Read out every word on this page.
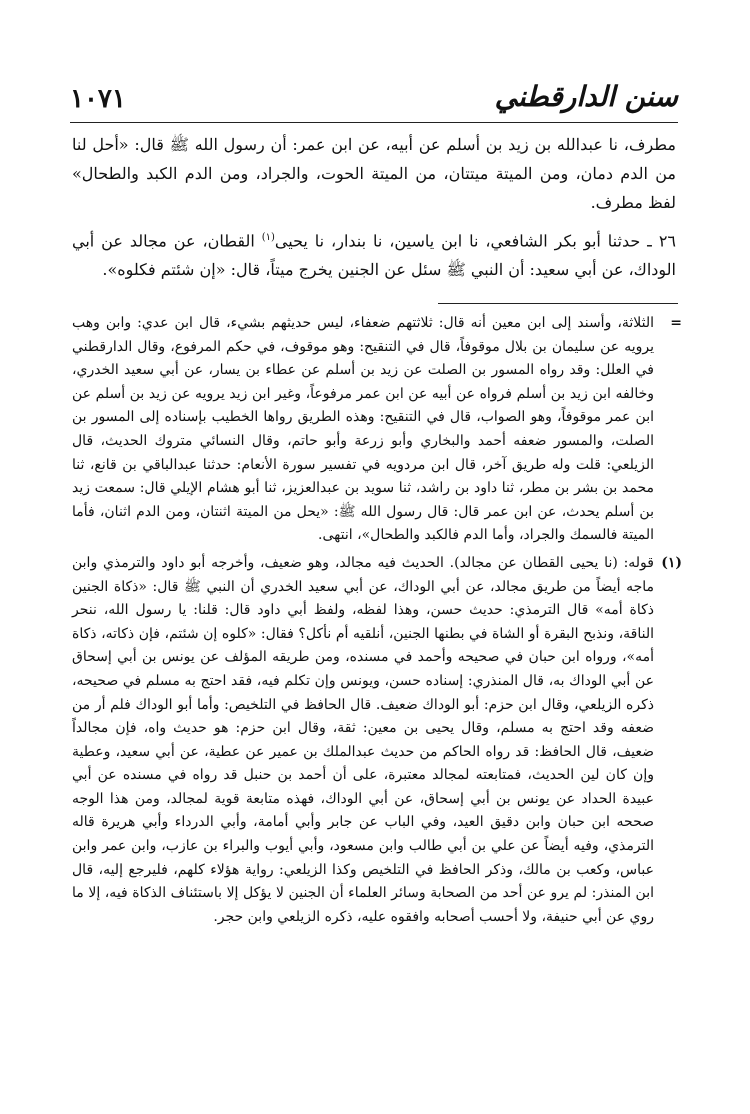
سنن الدارقطني
١٠٧١

مطرف، نا عبدالله بن زيد بن أسلم عن أبيه، عن ابن عمر: أن رسول الله ﷺ قال: «أحل لنا من الدم دمان، ومن الميتة ميتتان، من الميتة الحوت، والجراد، ومن الدم الكبد والطحال» لفظ مطرف.

٢٦ ـ حدثنا أبو بكر الشافعي، نا ابن ياسين، نا بندار، نا يحيى$^{(١)}$ القطان، عن مجالد عن أبي الوداك، عن أبي سعيد: أن النبي ﷺ سئل عن الجنين يخرج ميتاً، قال: «إن شئتم فكلوه».

=

الثلاثة، وأسند إلى ابن معين أنه قال: ثلاثتهم ضعفاء، ليس حديثهم بشيء، قال ابن عدي: وابن وهب يرويه عن سليمان بن بلال موقوفاً، قال في التنقيح: وهو موقوف، في حكم المرفوع، وقال الدارقطني في العلل: وقد رواه المسور بن الصلت عن زيد بن أسلم عن عطاء بن يسار، عن أبي سعيد الخدري، وخالفه ابن زيد بن أسلم فرواه عن أبيه عن ابن عمر مرفوعاً، وغير ابن زيد يرويه عن زيد بن أسلم عن ابن عمر موقوفاً، وهو الصواب، قال في التنقيح: وهذه الطريق رواها الخطيب بإسناده إلى المسور بن الصلت، والمسور ضعفه أحمد والبخاري وأبو زرعة وأبو حاتم، وقال النسائي متروك الحديث، قال الزيلعي: قلت وله طريق آخر، قال ابن مردويه في تفسير سورة الأنعام: حدثنا عبدالباقي بن قانع، ثنا محمد بن بشر بن مطر، ثنا داود بن راشد، ثنا سويد بن عبدالعزيز، ثنا أبو هشام الإيلي قال: سمعت زيد بن أسلم يحدث، عن ابن عمر قال: قال رسول الله ﷺ: «يحل من الميتة اثنتان، ومن الدم اثنان، فأما الميتة فالسمك والجراد، وأما الدم فالكبد والطحال»، انتهى.

(١)

قوله: (نا يحيى القطان عن مجالد). الحديث فيه مجالد، وهو ضعيف، وأخرجه أبو داود والترمذي وابن ماجه أيضاً من طريق مجالد، عن أبي الوداك، عن أبي سعيد الخدري أن النبي ﷺ قال: «ذكاة الجنين ذكاة أمه» قال الترمذي: حديث حسن، وهذا لفظه، ولفظ أبي داود قال: قلنا: يا رسول الله، ننحر الناقة، ونذبح البقرة أو الشاة في بطنها الجنين، أنلقيه أم نأكل؟ فقال: «كلوه إن شئتم، فإن ذكاته، ذكاة أمه»، ورواه ابن حبان في صحيحه وأحمد في مسنده، ومن طريقه المؤلف عن يونس بن أبي إسحاق عن أبي الوداك به، قال المنذري: إسناده حسن، ويونس وإن تكلم فيه، فقد احتج به مسلم في صحيحه، ذكره الزيلعي، وقال ابن حزم: أبو الوداك ضعيف. قال الحافظ في التلخيص: وأما أبو الوداك فلم أر من ضعفه وقد احتج به مسلم، وقال يحيى بن معين: ثقة، وقال ابن حزم: هو حديث واه، فإن مجالداً ضعيف، قال الحافظ: قد رواه الحاكم من حديث عبدالملك بن عمير عن عطية، عن أبي سعيد، وعطية وإن كان لين الحديث، فمتابعته لمجالد معتبرة، على أن أحمد بن حنبل قد رواه في مسنده عن أبي عبيدة الحداد عن يونس بن أبي إسحاق، عن أبي الوداك، فهذه متابعة قوية لمجالد، ومن هذا الوجه صححه ابن حبان وابن دقيق العيد، وفي الباب عن جابر وأبي أمامة، وأبي الدرداء وأبي هريرة قاله الترمذي، وفيه أيضاً عن علي بن أبي طالب وابن مسعود، وأبي أيوب والبراء بن عازب، وابن عمر وابن عباس، وكعب بن مالك، وذكر الحافظ في التلخيص وكذا الزيلعي: رواية هؤلاء كلهم، فليرجع إليه، قال ابن المنذر: لم يرو عن أحد من الصحابة وسائر العلماء أن الجنين لا يؤكل إلا باستئناف الذكاة فيه، إلا ما روي عن أبي حنيفة، ولا أحسب أصحابه وافقوه عليه، ذكره الزيلعي وابن حجر.
